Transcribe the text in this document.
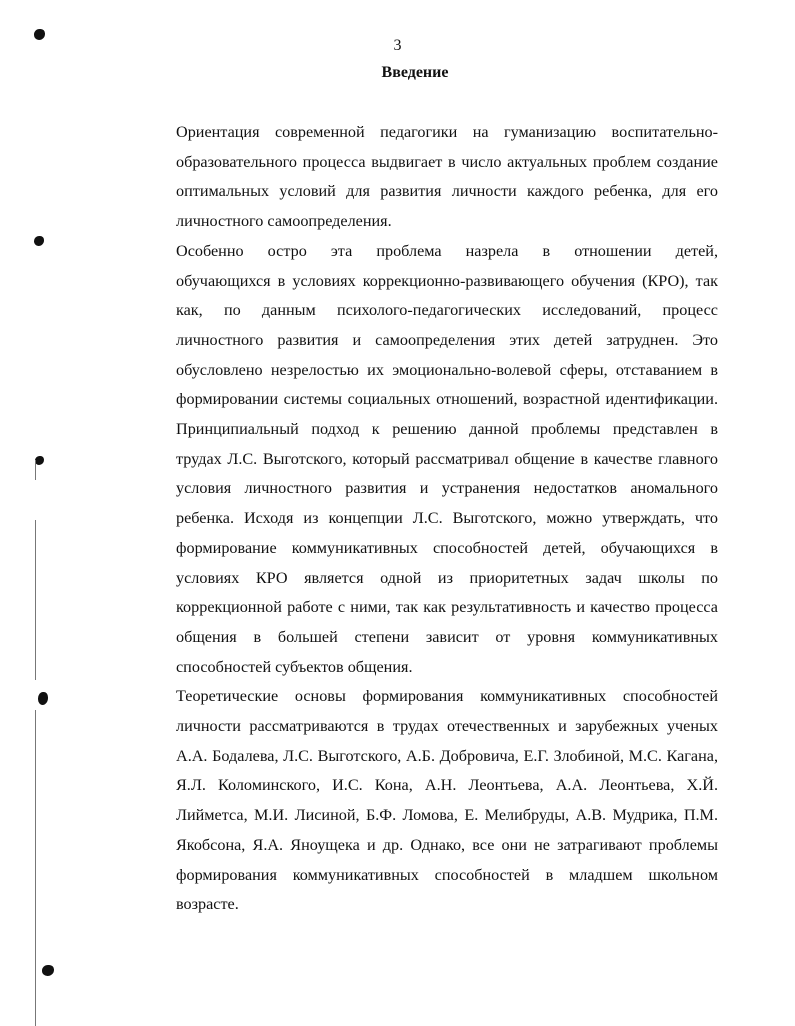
3
Введение

Ориентация современной педагогики на гуманизацию воспитательно-
образовательного процесса выдвигает в число актуальных проблем создание
оптимальных условий для развития личности каждого ребенка, для его
личностного самоопределения.

Особенно остро эта проблема назрела в отношении детей,
обучающихся в условиях коррекционно-развивающего обучения (КРО), так
как, по данным психолого-педагогических исследований, процесс
личностного развития и самоопределения этих детей затруднен. Это
обусловлено незрелостью их эмоционально-волевой сферы, отставанием в
формировании системы социальных отношений, возрастной идентификации.

Принципиальный подход к решению данной проблемы представлен в
трудах Л.С. Выготского, который рассматривал общение в качестве главного
условия личностного развития и устранения недостатков аномального
ребенка. Исходя из концепции Л.С. Выготского, можно утверждать, что
формирование коммуникативных способностей детей, обучающихся в
условиях КРО является одной из приоритетных задач школы по
коррекционной работе с ними, так как результативность и качество процесса
общения в большей степени зависит от уровня коммуникативных
способностей субъектов общения.

Теоретические основы формирования коммуникативных способностей
личности рассматриваются в трудах отечественных и зарубежных ученых
А.А. Бодалева, Л.С. Выготского, А.Б. Добровича, Е.Г. Злобиной, М.С. Кагана,
Я.Л. Коломинского, И.С. Кона, А.Н. Леонтьева, А.А. Леонтьева, Х.Й.
Лийметса, М.И. Лисиной, Б.Ф. Ломова, Е. Мелибруды, А.В. Мудрика, П.М.
Якобсона, Я.А. Яноущека и др. Однако, все они не затрагивают проблемы
формирования коммуникативных способностей в младшем школьном
возрасте.
